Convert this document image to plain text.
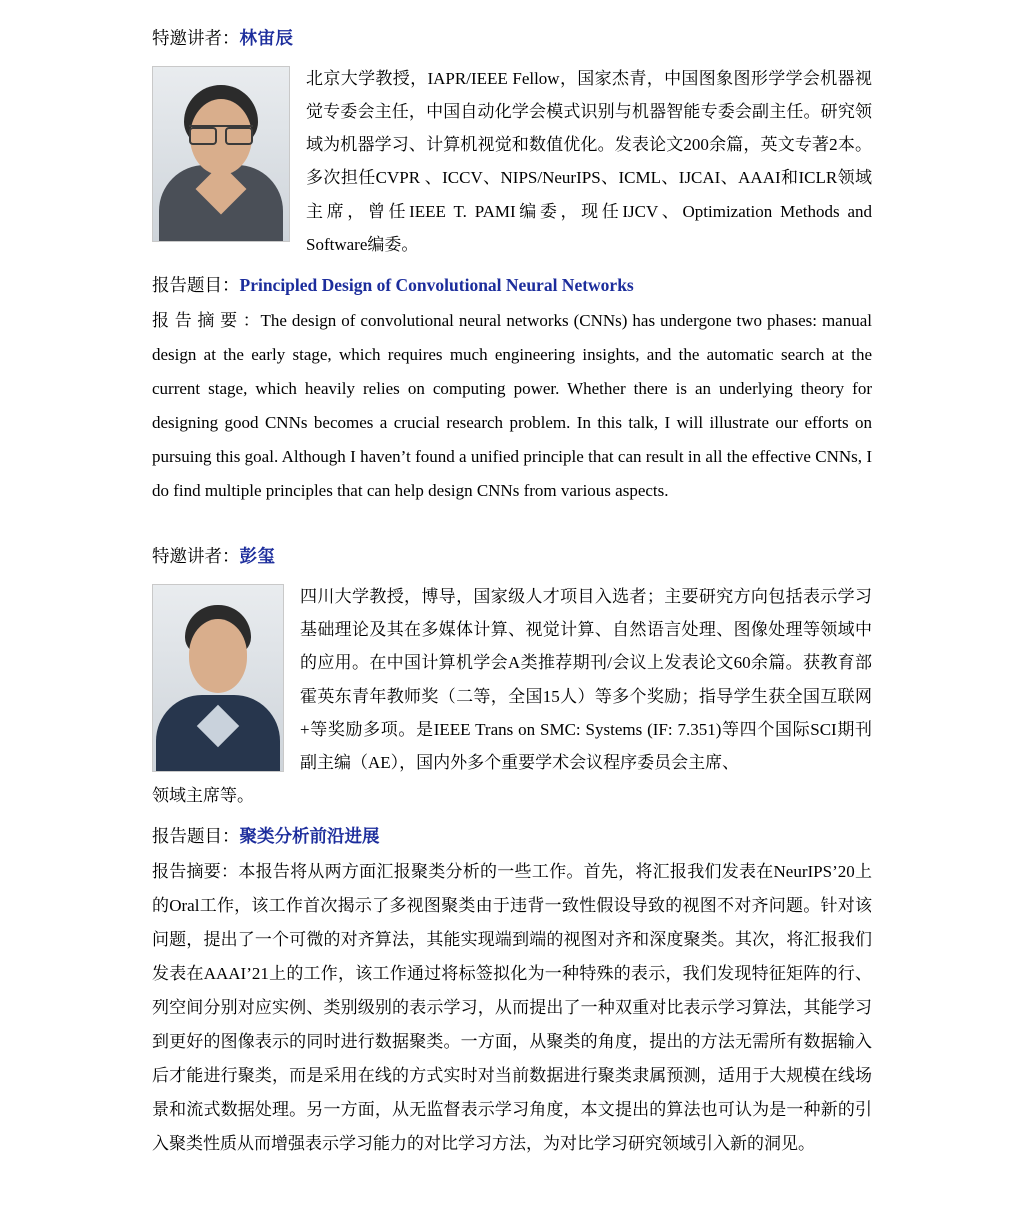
特邀讲者：林宙辰
北京大学教授，IAPR/IEEE Fellow，国家杰青，中国图象图形学学会机器视觉专委会主任，中国自动化学会模式识别与机器智能专委会副主任。研究领域为机器学习、计算机视觉和数值优化。发表论文200余篇，英文专著2本。多次担任CVPR 、ICCV、NIPS/NeurIPS、ICML、IJCAI、AAAI和ICLR领域主席，曾任IEEE T. PAMI编委，现任IJCV、Optimization Methods and Software编委。
报告题目：Principled Design of Convolutional Neural Networks
报 告 摘 要 ：The design of convolutional neural networks (CNNs) has undergone two phases: manual design at the early stage, which requires much engineering insights, and the automatic search at the current stage, which heavily relies on computing power. Whether there is an underlying theory for designing good CNNs becomes a crucial research problem. In this talk, I will illustrate our efforts on pursuing this goal. Although I haven’t found a unified principle that can result in all the effective CNNs, I do find multiple principles that can help design CNNs from various aspects.
特邀讲者：彭玺
四川大学教授，博导，国家级人才项目入选者；主要研究方向包括表示学习基础理论及其在多媒体计算、视觉计算、自然语言处理、图像处理等领域中的应用。在中国计算机学会A类推荐期刊/会议上发表论文60余篇。获教育部霍英东青年教师奖（二等，全国15人）等多个奖励；指导学生获全国互联网+等奖励多项。是IEEE Trans on SMC: Systems (IF: 7.351)等四个国际SCI期刊副主编（AE），国内外多个重要学术会议程序委员会主席、
领域主席等。
报告题目：聚类分析前沿进展
报告摘要：本报告将从两方面汇报聚类分析的一些工作。首先，将汇报我们发表在NeurIPS’20上的Oral工作，该工作首次揭示了多视图聚类由于违背一致性假设导致的视图不对齐问题。针对该问题，提出了一个可微的对齐算法，其能实现端到端的视图对齐和深度聚类。其次，将汇报我们发表在AAAI’21上的工作，该工作通过将标签拟化为一种特殊的表示，我们发现特征矩阵的行、列空间分别对应实例、类别级别的表示学习，从而提出了一种双重对比表示学习算法，其能学习到更好的图像表示的同时进行数据聚类。一方面，从聚类的角度，提出的方法无需所有数据输入后才能进行聚类，而是采用在线的方式实时对当前数据进行聚类隶属预测，适用于大规模在线场景和流式数据处理。另一方面，从无监督表示学习角度，本文提出的算法也可认为是一种新的引入聚类性质从而增强表示学习能力的对比学习方法，为对比学习研究领域引入新的洞见。
